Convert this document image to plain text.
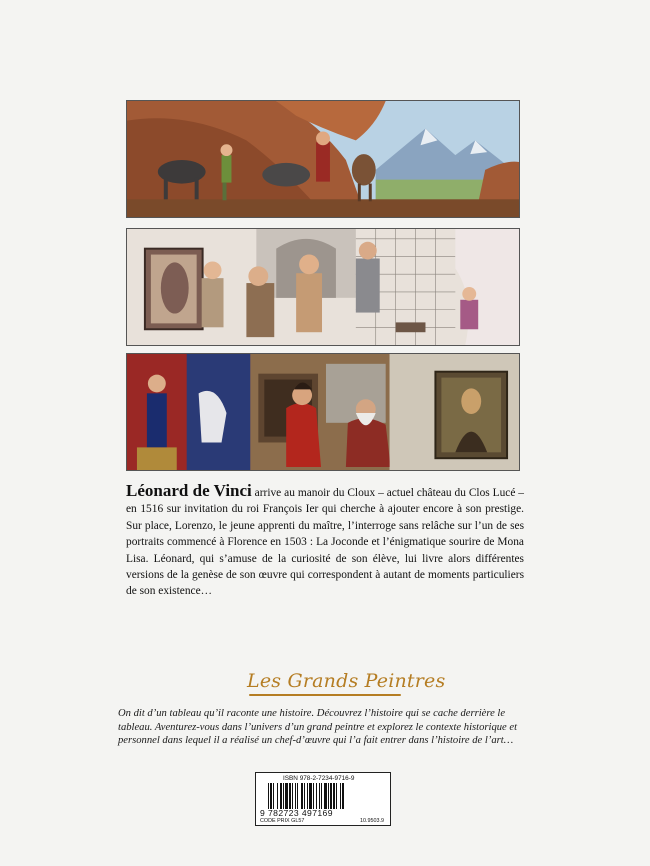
Léonard de Vinci arrive au manoir du Cloux – actuel château du Clos Lucé – en 1516 sur invitation du roi François Ier qui cherche à ajouter encore à son prestige. Sur place, Lorenzo, le jeune apprenti du maître, l’interroge sans relâche sur l’un de ses portraits commencé à Florence en 1503 : La Joconde et l’énigmatique sourire de Mona Lisa. Léonard, qui s’amuse de la curiosité de son élève, lui livre alors différentes versions de la genèse de son œuvre qui correspondent à autant de moments particuliers de son existence…

Les Grands Peintres

On dit d’un tableau qu’il raconte une histoire. Découvrez l’histoire qui se cache derrière le tableau. Aventurez-vous dans l’univers d’un grand peintre et explorez le contexte historique et personnel dans lequel il a réalisé un chef-d’œuvre qui l’a fait entrer dans l’histoire de l’art…

ISBN 978-2-7234-9716-9
9 782723 497169
CODE PRIX GL57	10.9503.9
